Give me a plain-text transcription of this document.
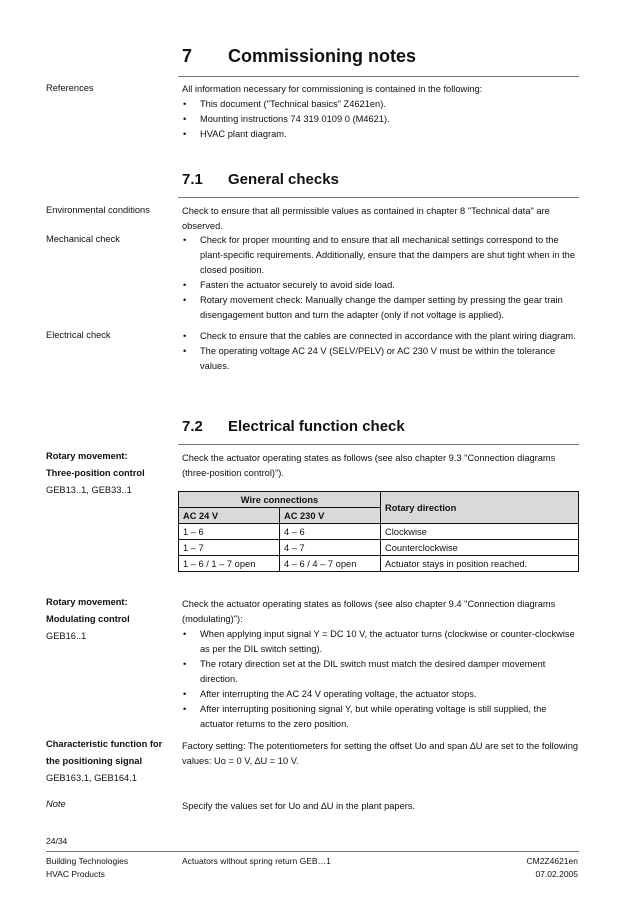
7 Commissioning notes
References	All information necessary for commissioning is contained in the following:
• This document ("Technical basics" Z4621en).
• Mounting instructions 74 319 0109 0 (M4621).
• HVAC plant diagram.
7.1 General checks
Environmental conditions	Check to ensure that all permissible values as contained in chapter 8 "Technical data" are observed.
Mechanical check	• Check for proper mounting and to ensure that all mechanical settings correspond to the plant-specific requirements. Additionally, ensure that the dampers are shut tight when in the closed position.
• Fasten the actuator securely to avoid side load.
• Rotary movement check: Manually change the damper setting by pressing the gear train disengagement button and turn the adapter (only if not voltage is applied).
Electrical check	• Check to ensure that the cables are connected in accordance with the plant wiring diagram.
• The operating voltage AC 24 V (SELV/PELV) or AC 230 V must be within the tolerance values.
7.2 Electrical function check
Rotary movement:
Three-position control
GEB13..1, GEB33..1
Check the actuator operating states as follows (see also chapter 9.3 "Connection diagrams (three-position control)").
Wire connections		Rotary direction
AC 24 V	AC 230 V	
1 – 6	4 – 6	Clockwise
1 – 7	4 – 7	Counterclockwise
1 – 6 / 1 – 7 open	4 – 6 / 4 – 7 open	Actuator stays in position reached.
Rotary movement:
Modulating control
GEB16..1
Check the actuator operating states as follows (see also chapter 9.4 "Connection diagrams (modulating)"):
• When applying input signal Y = DC 10 V, the actuator turns (clockwise or counter-clockwise as per the DIL switch setting).
• The rotary direction set at the DIL switch must match the desired damper movement direction.
• After interrupting the AC 24 V operating voltage, the actuator stops.
• After interrupting positioning signal Y, but while operating voltage is still supplied, the actuator returns to the zero position.
Characteristic function for
the positioning signal
GEB163.1, GEB164.1
Factory setting: The potentiometers for setting the offset Uo and span ∆U are set to the following values: Uo = 0 V, ∆U = 10 V.
Note	Specify the values set for Uo and ∆U in the plant papers.
24/34
Building Technologies
HVAC Products
Actuators without spring return GEB…1	CM2Z4621en
07.02.2005
